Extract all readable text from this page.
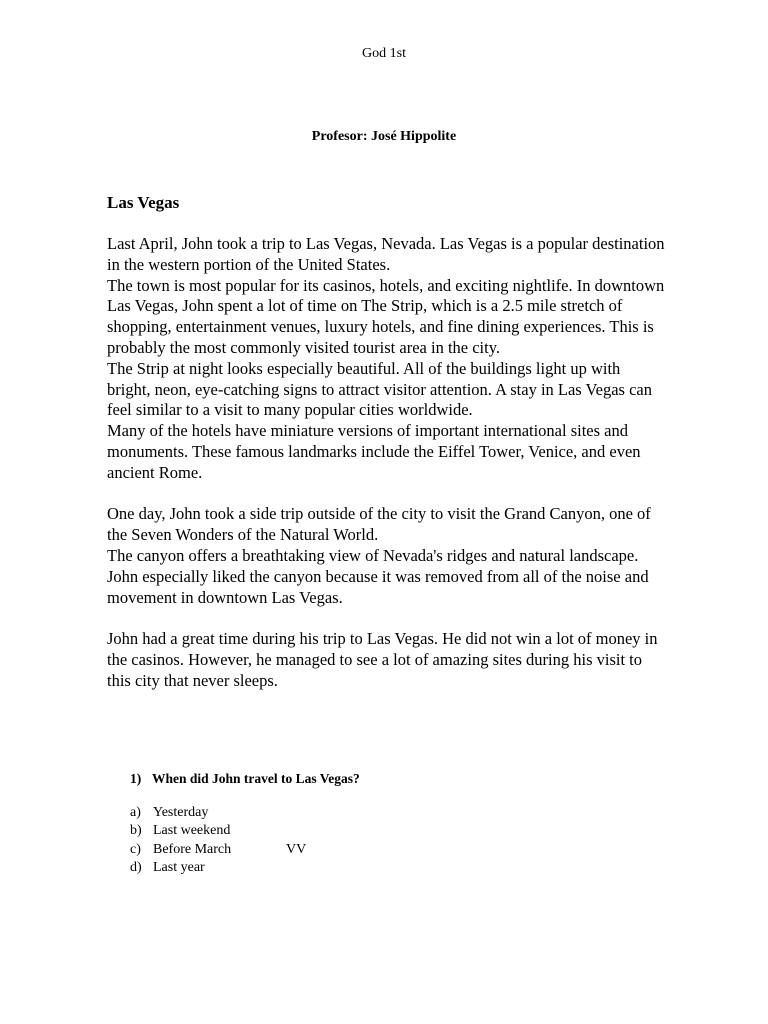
God 1st
Profesor: José Hippolite
Las Vegas

Last April, John took a trip to Las Vegas, Nevada. Las Vegas is a popular destination in the western portion of the United States.

The town is most popular for its casinos, hotels, and exciting nightlife. In downtown Las Vegas, John spent a lot of time on The Strip, which is a 2.5 mile stretch of shopping, entertainment venues, luxury hotels, and fine dining experiences. This is probably the most commonly visited tourist area in the city.

The Strip at night looks especially beautiful. All of the buildings light up with bright, neon, eye-catching signs to attract visitor attention. A stay in Las Vegas can feel similar to a visit to many popular cities worldwide.

Many of the hotels have miniature versions of important international sites and monuments. These famous landmarks include the Eiffel Tower, Venice, and even ancient Rome.

One day, John took a side trip outside of the city to visit the Grand Canyon, one of the Seven Wonders of the Natural World.

The canyon offers a breathtaking view of Nevada's ridges and natural landscape. John especially liked the canyon because it was removed from all of the noise and movement in downtown Las Vegas.

John had a great time during his trip to Las Vegas. He did not win a lot of money in the casinos. However, he managed to see a lot of amazing sites during his visit to this city that never sleeps.

1) When did John travel to Las Vegas?
a) Yesterday
b) Last weekend
c) Before March	VV
d) Last year
